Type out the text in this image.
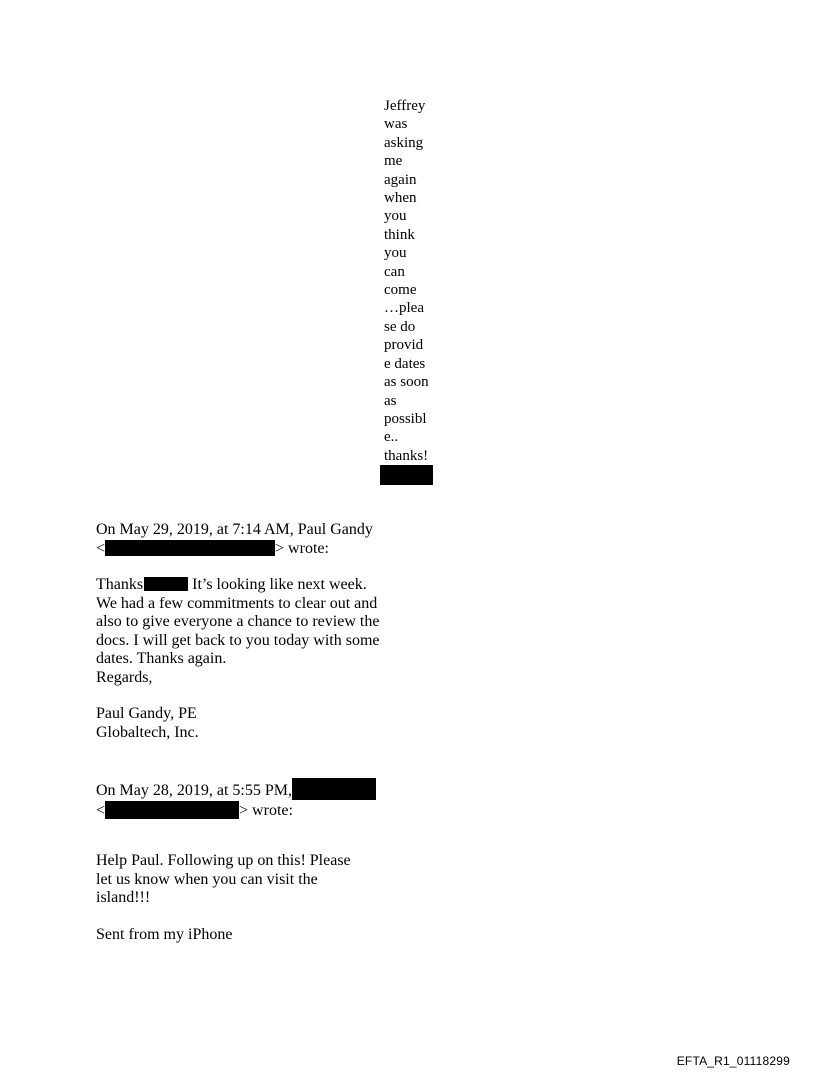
Jeffrey
was
asking
me
again
when
you
think
you
can
come
…plea
se do
provid
e dates
as soon
as
possibl
e..
thanks!
On May 29, 2019, at 7:14 AM, Paul Gandy
<	> wrote:
Thanks	It’s looking like next week.
We had a few commitments to clear out and
also to give everyone a chance to review the
docs. I will get back to you today with some
dates. Thanks again.
Regards,
Paul Gandy, PE
Globaltech, Inc.
On May 28, 2019, at 5:55 PM,
<	> wrote:
Help Paul. Following up on this! Please
let us know when you can visit the
island!!!
Sent from my iPhone
EFTA_R1_01118299
